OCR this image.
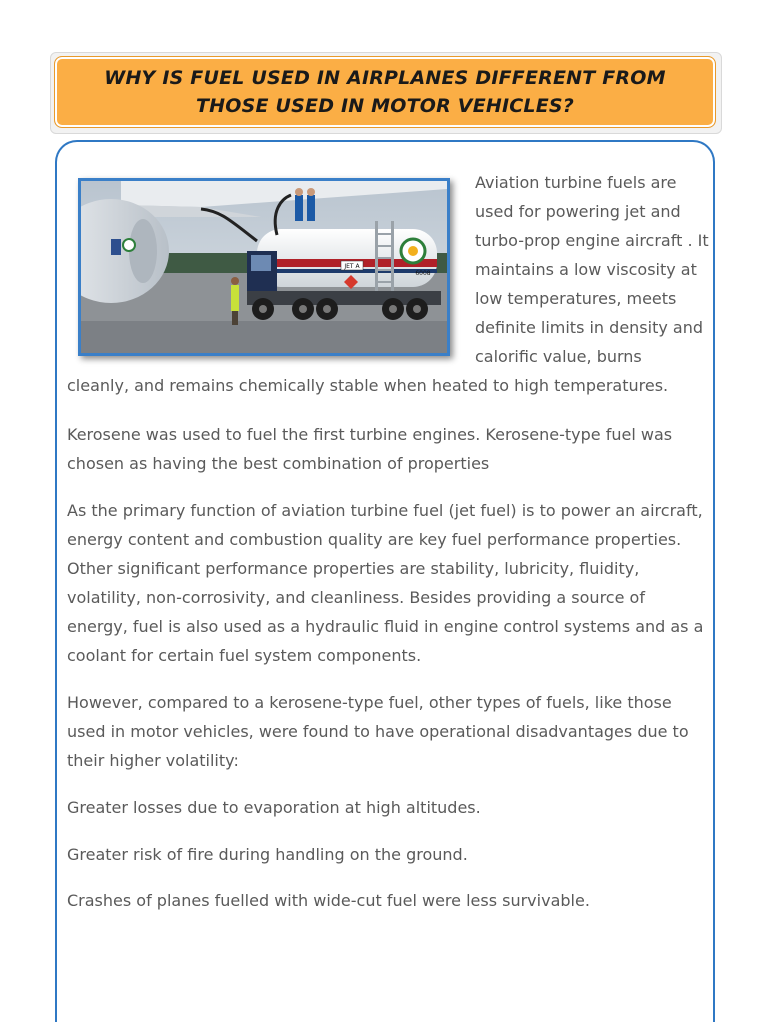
WHY IS FUEL USED IN AIRPLANES DIFFERENT FROM THOSE USED IN MOTOR VEHICLES?
JET A
6008

Aviation turbine fuels are used for powering jet and turbo-prop engine aircraft . It maintains a low viscosity at low temperatures, meets definite limits in density and calorific value, burns

cleanly, and remains chemically stable when heated to high temperatures.

Kerosene was used to fuel the first turbine engines. Kerosene-type fuel was chosen as having the best combination of properties

As the primary function of aviation turbine fuel (jet fuel) is to power an aircraft, energy content and combustion quality are key fuel performance properties. Other significant performance properties are stability, lubricity, fluidity, volatility, non-corrosivity, and cleanliness. Besides providing a source of energy, fuel is also used as a hydraulic fluid in engine control systems and as a coolant for certain fuel system components.

However, compared to a kerosene-type fuel, other types of fuels, like those used in motor vehicles, were found to have operational disadvantages due to their higher volatility:

Greater losses due to evaporation at high altitudes.

Greater risk of fire during handling on the ground.

Crashes of planes fuelled with wide-cut fuel were less survivable.
